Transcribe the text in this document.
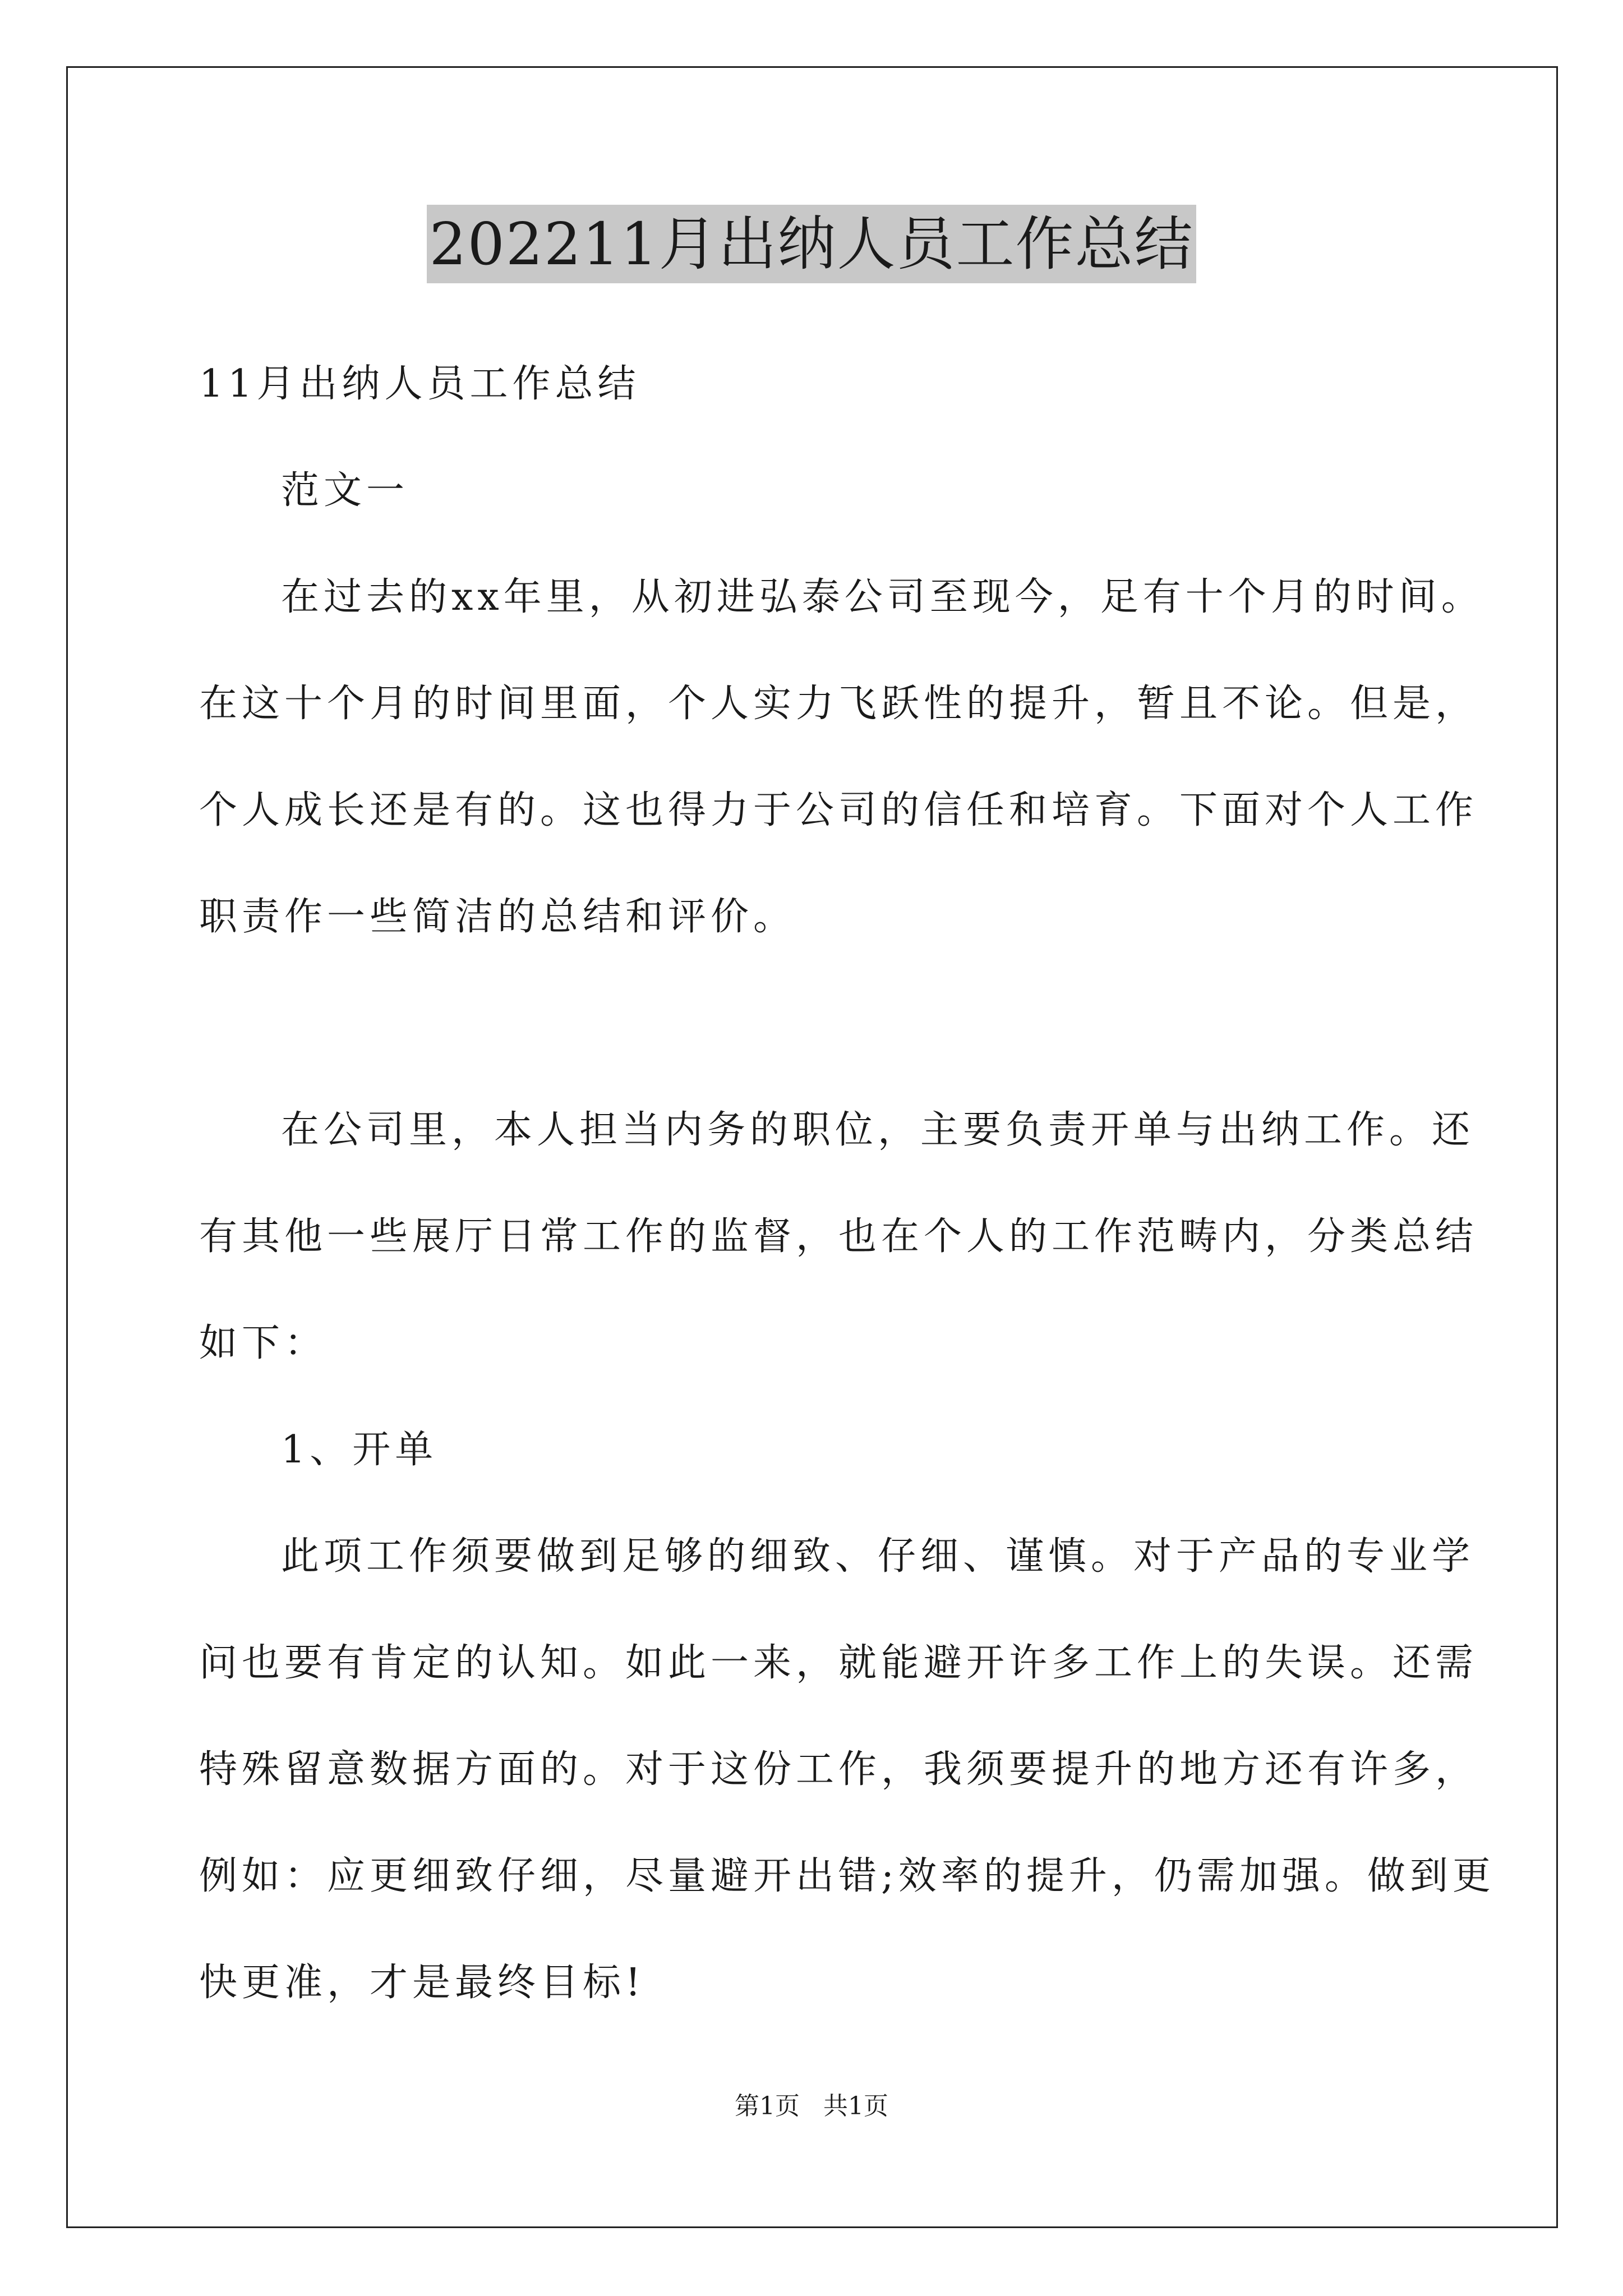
202211月出纳人员工作总结
11月出纳人员工作总结
范文一
在过去的xx年里，从初进弘泰公司至现今，足有十个月的时间。
在这十个月的时间里面，个人实力飞跃性的提升，暂且不论。但是，
个人成长还是有的。这也得力于公司的信任和培育。下面对个人工作
职责作一些简洁的总结和评价。
在公司里，本人担当内务的职位，主要负责开单与出纳工作。还
有其他一些展厅日常工作的监督，也在个人的工作范畴内，分类总结
如下：
1、开单
此项工作须要做到足够的细致、仔细、谨慎。对于产品的专业学
问也要有肯定的认知。如此一来，就能避开许多工作上的失误。还需
特殊留意数据方面的。对于这份工作，我须要提升的地方还有许多，
例如：应更细致仔细，尽量避开出错;效率的提升，仍需加强。做到更
快更准，才是最终目标!
第1页   共1页
